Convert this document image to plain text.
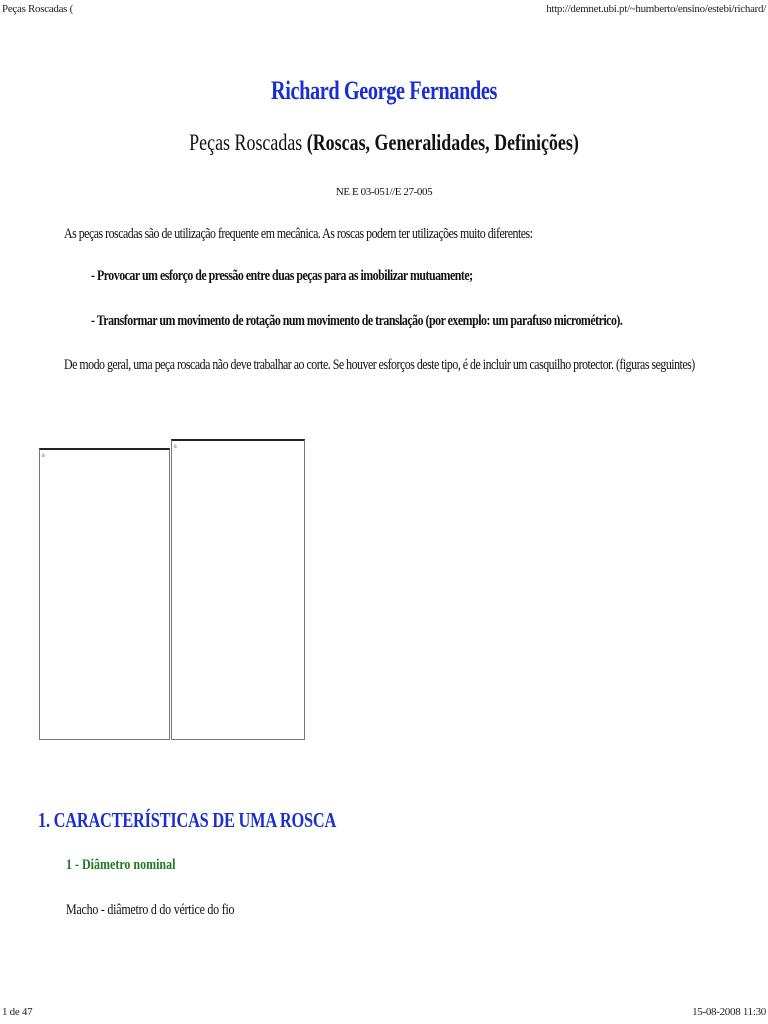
Peças Roscadas (	http://demnet.ubi.pt/~humberto/ensino/estebi/richard/
Richard George Fernandes
Peças Roscadas (Roscas, Generalidades, Definições)
NE E 03-051//E 27-005
As peças roscadas são de utilização frequente em mecânica. As roscas podem ter utilizações muito diferentes:
- Provocar um esforço de pressão entre duas peças para as imobilizar mutuamente;
- Transformar um movimento de rotação num movimento de translação (por exemplo: um parafuso micrométrico).
De modo geral, uma peça roscada não deve trabalhar ao corte. Se houver esforços deste tipo, é de incluir um casquilho protector. (figuras seguintes)
s
s
1. CARACTERÍSTICAS DE UMA ROSCA
1 - Diâmetro nominal
Macho - diâmetro d do vértice do fio
1 de 47	15-08-2008 11:30
